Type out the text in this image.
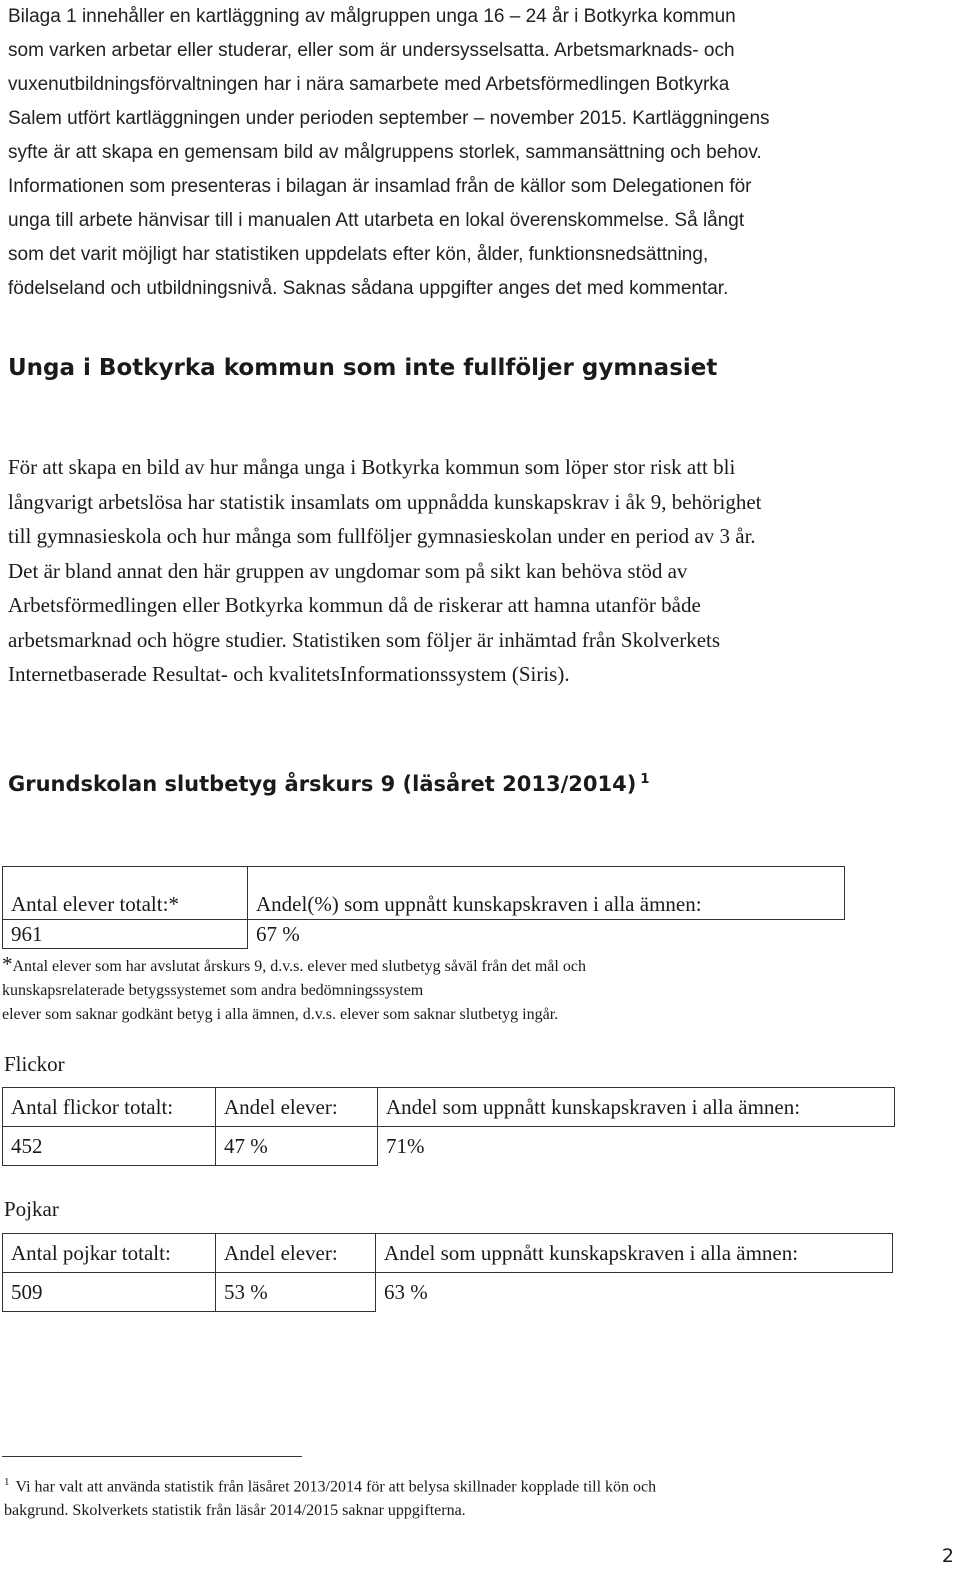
Bilaga 1 innehåller en kartläggning av målgruppen unga 16 – 24 år i Botkyrka kommun

som varken arbetar eller studerar, eller som är undersysselsatta. Arbetsmarknads- och

vuxenutbildningsförvaltningen har i nära samarbete med Arbetsförmedlingen Botkyrka

Salem utfört kartläggningen under perioden september – november 2015. Kartläggningens

syfte är att skapa en gemensam bild av målgruppens storlek, sammansättning och behov.

Informationen som presenteras i bilagan är insamlad från de källor som Delegationen för

unga till arbete hänvisar till i manualen Att utarbeta en lokal överenskommelse. Så långt

som det varit möjligt har statistiken uppdelats efter kön, ålder, funktionsnedsättning,

födelseland och utbildningsnivå. Saknas sådana uppgifter anges det med kommentar.

Unga i Botkyrka kommun som inte fullföljer gymnasiet
För att skapa en bild av hur många unga i Botkyrka kommun som löper stor risk att bli
långvarigt arbetslösa har statistik insamlats om uppnådda kunskapskrav i åk 9, behörighet
till gymnasieskola och hur många som fullföljer gymnasieskolan under en period av 3 år.
Det är bland annat den här gruppen av ungdomar som på sikt kan behöva stöd av
Arbetsförmedlingen eller Botkyrka kommun då de riskerar att hamna utanför både
arbetsmarknad och högre studier. Statistiken som följer är inhämtad från Skolverkets
Internetbaserade Resultat- och kvalitetsInformationssystem (Siris).
Grundskolan slutbetyg årskurs 9 (läsåret 2013/2014) $^1$
Antal elever totalt:*	Andel(%) som uppnått kunskapskraven i alla ämnen:
961	67 %
*Antal elever som har avslutat årskurs 9, d.v.s. elever med slutbetyg såväl från det mål och
kunskapsrelaterade betygssystemet som andra bedömningssystem
elever som saknar godkänt betyg i alla ämnen, d.v.s. elever som saknar slutbetyg ingår.

Flickor

Antal flickor totalt:	Andel elever:	Andel som uppnått kunskapskraven i alla ämnen:
452	47 %	71%

Pojkar

Antal pojkar totalt:	Andel elever:	Andel som uppnått kunskapskraven i alla ämnen:
509	53 %	63 %
$^1$ Vi har valt att använda statistik från läsåret 2013/2014 för att belysa skillnader kopplade till kön och
bakgrund. Skolverkets statistik från läsår 2014/2015 saknar uppgifterna.
2
